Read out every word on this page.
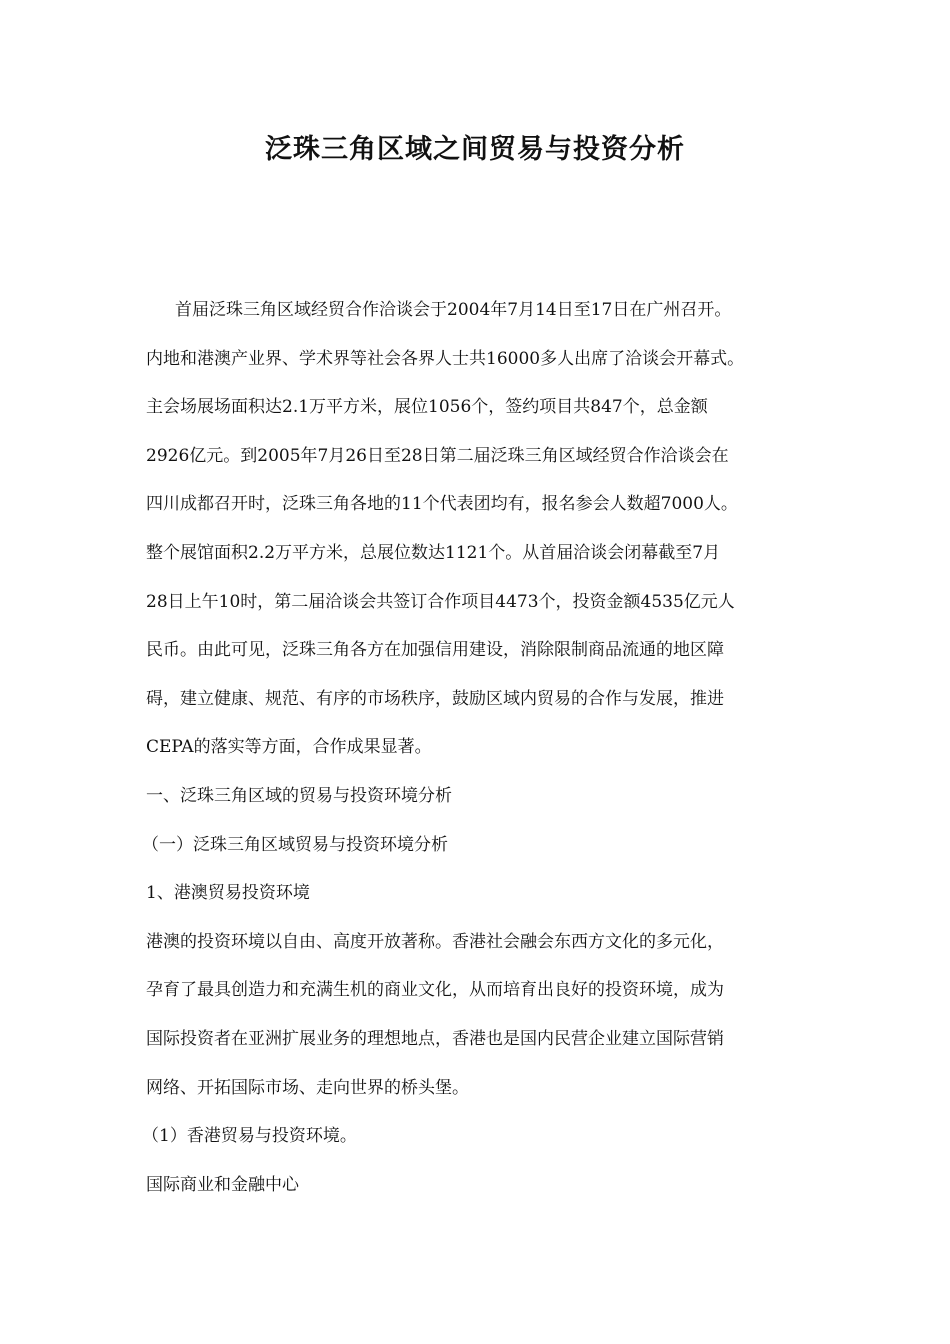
泛珠三角区域之间贸易与投资分析
首届泛珠三角区域经贸合作洽谈会于2004年7月14日至17日在广州召开。
内地和港澳产业界、学术界等社会各界人士共16000多人出席了洽谈会开幕式。
主会场展场面积达2.1万平方米，展位1056个，签约项目共847个，总金额
2926亿元。到2005年7月26日至28日第二届泛珠三角区域经贸合作洽谈会在
四川成都召开时，泛珠三角各地的11个代表团均有，报名参会人数超7000人。
整个展馆面积2.2万平方米，总展位数达1121个。从首届洽谈会闭幕截至7月
28日上午10时，第二届洽谈会共签订合作项目4473个，投资金额4535亿元人
民币。由此可见，泛珠三角各方在加强信用建设，消除限制商品流通的地区障
碍，建立健康、规范、有序的市场秩序，鼓励区域内贸易的合作与发展，推进
CEPA的落实等方面，合作成果显著。
一、泛珠三角区域的贸易与投资环境分析
（一）泛珠三角区域贸易与投资环境分析
1、港澳贸易投资环境
港澳的投资环境以自由、高度开放著称。香港社会融会东西方文化的多元化，
孕育了最具创造力和充满生机的商业文化，从而培育出良好的投资环境，成为
国际投资者在亚洲扩展业务的理想地点，香港也是国内民营企业建立国际营销
网络、开拓国际市场、走向世界的桥头堡。
（1）香港贸易与投资环境。
国际商业和金融中心
